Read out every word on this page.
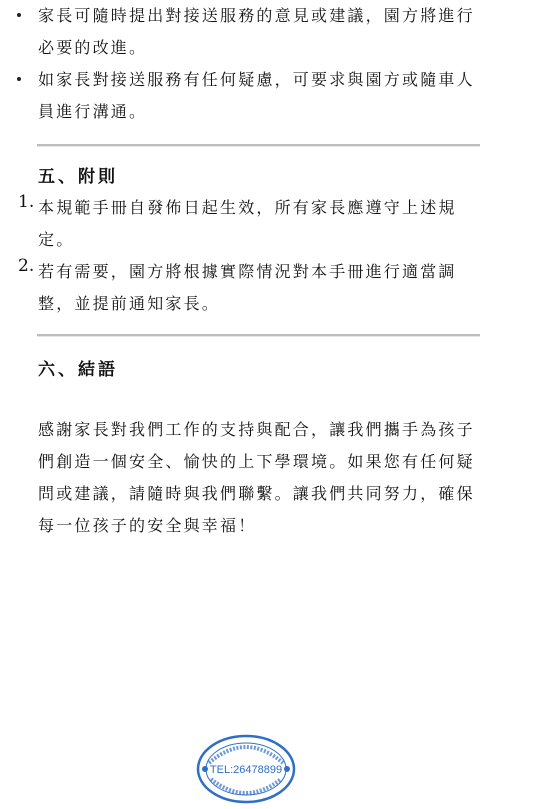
家長可隨時提出對接送服務的意見或建議，園方將進行必要的改進。
如家長對接送服務有任何疑慮，可要求與園方或隨車人員進行溝通。
五、附則
1. 本規範手冊自發佈日起生效，所有家長應遵守上述規定。
2. 若有需要，園方將根據實際情況對本手冊進行適當調整，並提前通知家長。
六、結語
感謝家長對我們工作的支持與配合，讓我們攜手為孩子們創造一個安全、愉快的上下學環境。如果您有任何疑問或建議，請隨時與我們聯繫。讓我們共同努力，確保每一位孩子的安全與幸福！
TEL:26478899
